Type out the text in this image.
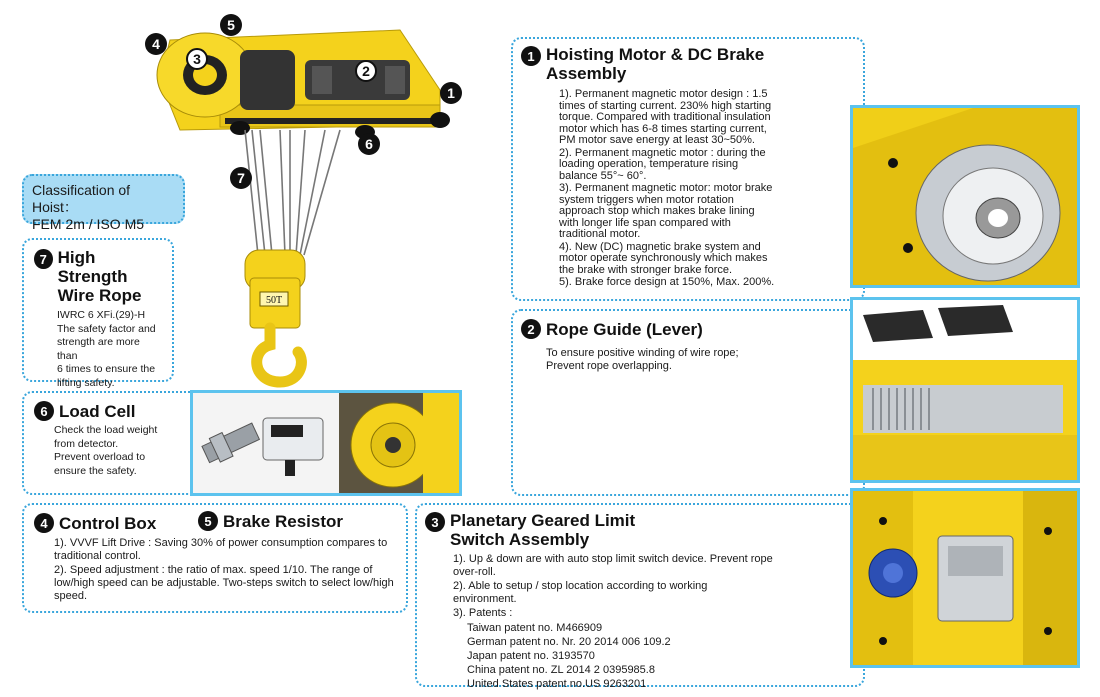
50T
1
2
3
4
5
6
7
Classification of Hoist：
FEM 2m / ISO M5
7 High Strength
Wire Rope
IWRC 6 XFi.(29)-H
The safety factor and
strength are more than
6 times to ensure the
lifting safety.
6 Load Cell
Check the load weight
from detector.
Prevent overload to
ensure the safety.
4 Control Box
1). VVVF Lift Drive : Saving 30% of power consumption compares to traditional control.
2). Speed adjustment : the ratio of max. speed 1/10. The range of low/high speed can be adjustable. Two-steps switch to select low/high speed.
5 Brake Resistor
1 Hoisting Motor & DC Brake
Assembly
1). Permanent magnetic motor design : 1.5 times of starting current. 230% high starting torque. Compared with traditional insulation motor which has 6-8 times starting current, PM motor save energy at least 30~50%.
2). Permanent magnetic motor : during the loading operation, temperature rising balance 55°~ 60°.
3). Permanent magnetic motor: motor brake system triggers when motor rotation approach stop which makes brake lining with longer life span compared with traditional motor.
4). New (DC) magnetic brake system and motor operate synchronously which makes the brake with stronger brake force.
5). Brake force design at 150%, Max. 200%.
2 Rope Guide (Lever)
To ensure positive winding of wire rope;
Prevent rope overlapping.
3 Planetary Geared Limit
Switch Assembly
1). Up & down are with auto stop limit switch device. Prevent rope over-roll.
2). Able to setup / stop location according to working environment.
3). Patents :
Taiwan patent no. M466909
German patent no. Nr. 20 2014 006 109.2
Japan patent no. 3193570
China patent no. ZL 2014 2 0395985.8
United States patent no.US 9263201
